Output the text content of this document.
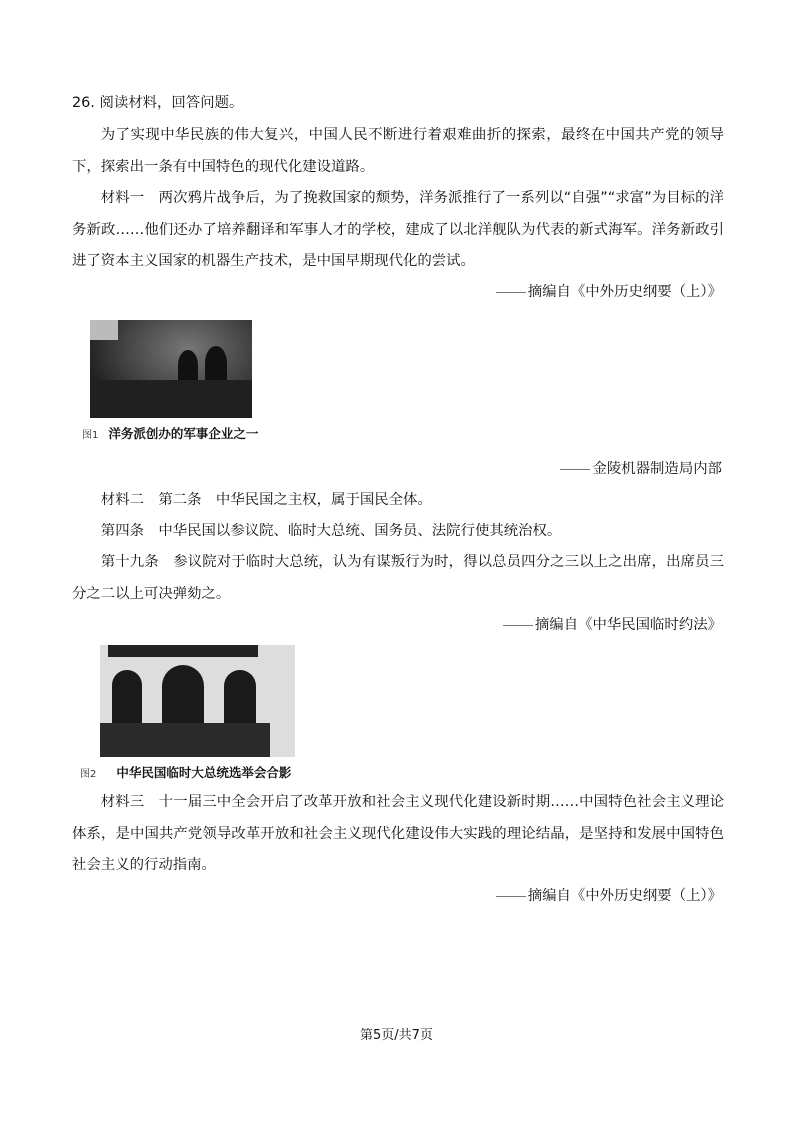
26. 阅读材料，回答问题。
为了实现中华民族的伟大复兴，中国人民不断进行着艰难曲折的探索，最终在中国共产党的领导下，探索出一条有中国特色的现代化建设道路。
材料一　两次鸦片战争后，为了挽救国家的颓势，洋务派推行了一系列以“自强”“求富”为目标的洋务新政……他们还办了培养翻译和军事人才的学校，建成了以北洋舰队为代表的新式海军。洋务新政引进了资本主义国家的机器生产技术，是中国早期现代化的尝试。
摘编自《中外历史纲要（上）》
图1 洋务派创办的军事企业之一
金陵机器制造局内部
材料二　第二条　中华民国之主权，属于国民全体。
第四条　中华民国以参议院、临时大总统、国务员、法院行使其统治权。
第十九条　参议院对于临时大总统，认为有谋叛行为时，得以总员四分之三以上之出席，出席员三分之二以上可决弹劾之。
摘编自《中华民国临时约法》
图2 中华民国临时大总统选举会合影
材料三　十一届三中全会开启了改革开放和社会主义现代化建设新时期……中国特色社会主义理论体系，是中国共产党领导改革开放和社会主义现代化建设伟大实践的理论结晶，是坚持和发展中国特色社会主义的行动指南。
摘编自《中外历史纲要（上）》
第5页/共7页
